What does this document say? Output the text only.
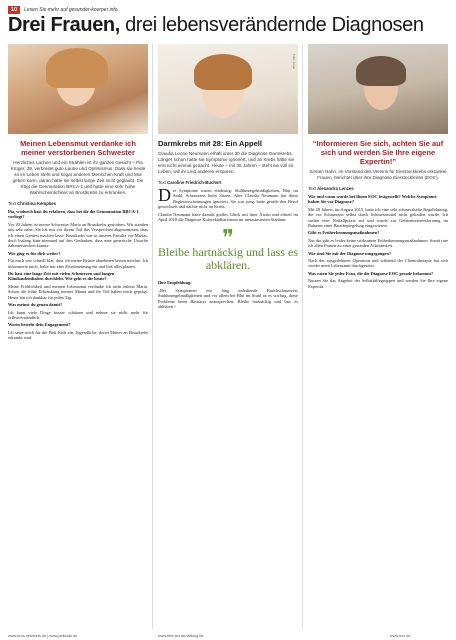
10	Lesen Sie mehr auf gesunder-koerper.info
Drei Frauen, drei lebensverändernde Diagnosen
Meinen Lebensmut verdanke ich meiner verstorbenen Schwester
Herzliches Lachen und ein Strahlen ist ihr ganzes Gesicht – Pia Krüger, 38, verbreitet gute Laune und Optimismus. Dass sie heute so im Leben steht und sogar anderen Menschen Kraft und Mut geben kann, daran hätte sie selbst lange Zeit nicht geglaubt. Sie trägt die Genmutation BRCA-1 und hatte eine sehr hohe Wahrscheinlichkeit an Brustkrebs zu erkranken.
Text Christina Kempkes
Pia, wodurch hast du erfahren, dass bei dir die Genmutation BRCA-1 vorliegt?
Vor 20 Jahren ist meine Schwester Maria an Brustkrebs gestorben. Wir standen uns sehr nahe. Sie hat mir vor ihrem Tod das Versprechen abgenommen, dass ich einen Gentest machen lasse. Brustkrebs war in unserer Familie vor Marias, doch bislang kam niemand auf den Gedanken, dass eine genetische Ursache dahinterstecken könnte.
Wie ging es für dich weiter?
Für mich war schnell klar, dass ich meine Brüste abnehmen lassen möchte. Ich informierte mich, holte mir eine Zweitmeinung ein und ließ alles planen.
Du hast eine lange Zeit mit vielen Schmerzen und langen Klinikaufenthalten durchlebt. Wie geht es dir heute?
Meine Fröhlichkeit und meinen Lebensmut verdanke ich nicht zuletzt Maria. Schon die frühe Erkrankung meiner Mama und ihr Tod haben mich geprägt. Heute bin ich dankbar für jeden Tag.
Was meinst du genau damit?
Ich kann viele Dinge besser schätzen und nehme sie nicht mehr für selbstverständlich.
Worin besteht dein Engagement?
Ich setze mich für die Pink Kids ein, Jugendliche, deren Mütter an Brustkrebs erkrankt sind.
Foto: privat
Darmkrebs mit 28: Ein Appell
Claudia Leone Neumann erhält unter 30 die Diagnose Darmkrebs. Länger schon hatte sie Symptome ignoriert, und an Krebs hätte sie erst nicht einmal gedacht. Heute – mit 36 Jahren – steht sie voll im Leben, will ihr Leid anderen ersparen.
Text Caroline Friedrich-Buchert
Die Symptome waren eindeutig: Stuhlunregelmäßigkeiten, Blut im Stuhl, Schmerzen beim Sitzen. Aber Claudia Neumann hat diese Begleiterscheinungen ignoriert. Sie war jung, hatte gerade den Beruf gewechselt und dachte nicht an Krebs.
Claudia Neumann hatte damals großes Glück mit ihrer Ärztin und erhielt im April 2018 die Diagnose Kolorektalkarzinom im metastasierten Stadium.
❞
Bleibe hartnäckig und lass es abklären.
Ihre Empfehlung:
„Bei Symptomen wie lang anhaltende Bauchschmerzen, Stuhlunregelmäßigkeiten und vor allem bei Blut im Stuhl ist es wichtig, diese Probleme beim Hausarzt anzusprechen. Bleibe hartnäckig und lass es abklären.“
“Informieren Sie sich, achten Sie auf sich und werden Sie Ihre eigene Expertin!”
Kirsten Hahn, im Vorstand des Vereins für Eierstockkrebs erkrankte Frauen, berichtet über ihre Diagnose Eierstockkrebs (EOC).
Text Alexandra Lenzes
Wie und wann wurde bei Ihnen EOC festgestellt? Welche Symptome haben Sie vor Diagnose?
Mit 48 Jahren, im August 2015, hatte ich eine sehr schmerzhafte Regelblutung, die vor Schmerzen selbst durch Schmerzmittel nicht gelindert wurde. Ich suchte eine Notfallpraxis auf und wurde zur Gebärmutterentfernung im Rahmen einer Bauchspiegelung eingewiesen.
Gibt es Früherkennungsmaßnahmen?
Nur die gibt es leider keine wirksamen Früherkennungsmaßnahmen. Somit rate ich allen Frauen zu einer gesunden Achtsamkeit.
Wie sind Sie mit der Diagnose umgegangen?
Nach der ausgedehnten Operation und während der Chemotherapie hat sich wieder mein Lebensmut durchgesetzt.
Was raten Sie jeder Frau, die die Diagnose EOC gerade bekommt?
Nutzen Sie das Angebot der Selbsthilfegruppen und werden Sie Ihre eigene Expertin.
www.brca-netzwerk.de | www.pinkkids.de	www.felix-burda-stiftung.de	www.eoc.de
